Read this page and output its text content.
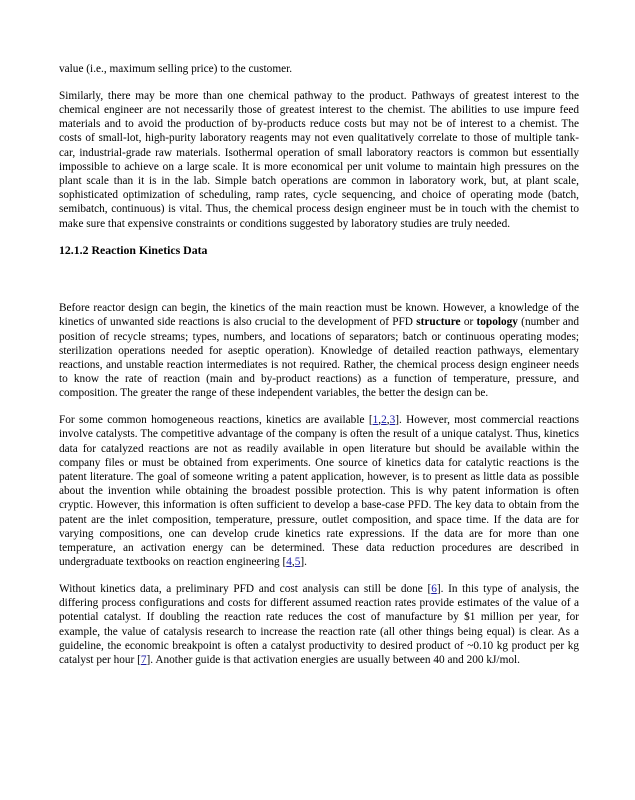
value (i.e., maximum selling price) to the customer.

Similarly, there may be more than one chemical pathway to the product. Pathways of greatest interest to the chemical engineer are not necessarily those of greatest interest to the chemist. The abilities to use impure feed materials and to avoid the production of by-products reduce costs but may not be of interest to a chemist. The costs of small-lot, high-purity laboratory reagents may not even qualitatively correlate to those of multiple tank-car, industrial-grade raw materials. Isothermal operation of small laboratory reactors is common but essentially impossible to achieve on a large scale. It is more economical per unit volume to maintain high pressures on the plant scale than it is in the lab. Simple batch operations are common in laboratory work, but, at plant scale, sophisticated optimization of scheduling, ramp rates, cycle sequencing, and choice of operating mode (batch, semibatch, continuous) is vital. Thus, the chemical process design engineer must be in touch with the chemist to make sure that expensive constraints or conditions suggested by laboratory studies are truly needed.

12.1.2 Reaction Kinetics Data

Before reactor design can begin, the kinetics of the main reaction must be known. However, a knowledge of the kinetics of unwanted side reactions is also crucial to the development of PFD structure or topology (number and position of recycle streams; types, numbers, and locations of separators; batch or continuous operating modes; sterilization operations needed for aseptic operation). Knowledge of detailed reaction pathways, elementary reactions, and unstable reaction intermediates is not required. Rather, the chemical process design engineer needs to know the rate of reaction (main and by-product reactions) as a function of temperature, pressure, and composition. The greater the range of these independent variables, the better the design can be.

For some common homogeneous reactions, kinetics are available [1,2,3]. However, most commercial reactions involve catalysts. The competitive advantage of the company is often the result of a unique catalyst. Thus, kinetics data for catalyzed reactions are not as readily available in open literature but should be available within the company files or must be obtained from experiments. One source of kinetics data for catalytic reactions is the patent literature. The goal of someone writing a patent application, however, is to present as little data as possible about the invention while obtaining the broadest possible protection. This is why patent information is often cryptic. However, this information is often sufficient to develop a base-case PFD. The key data to obtain from the patent are the inlet composition, temperature, pressure, outlet composition, and space time. If the data are for varying compositions, one can develop crude kinetics rate expressions. If the data are for more than one temperature, an activation energy can be determined. These data reduction procedures are described in undergraduate textbooks on reaction engineering [4,5].

Without kinetics data, a preliminary PFD and cost analysis can still be done [6]. In this type of analysis, the differing process configurations and costs for different assumed reaction rates provide estimates of the value of a potential catalyst. If doubling the reaction rate reduces the cost of manufacture by $1 million per year, for example, the value of catalysis research to increase the reaction rate (all other things being equal) is clear. As a guideline, the economic breakpoint is often a catalyst productivity to desired product of ~0.10 kg product per kg catalyst per hour [7]. Another guide is that activation energies are usually between 40 and 200 kJ/mol.
